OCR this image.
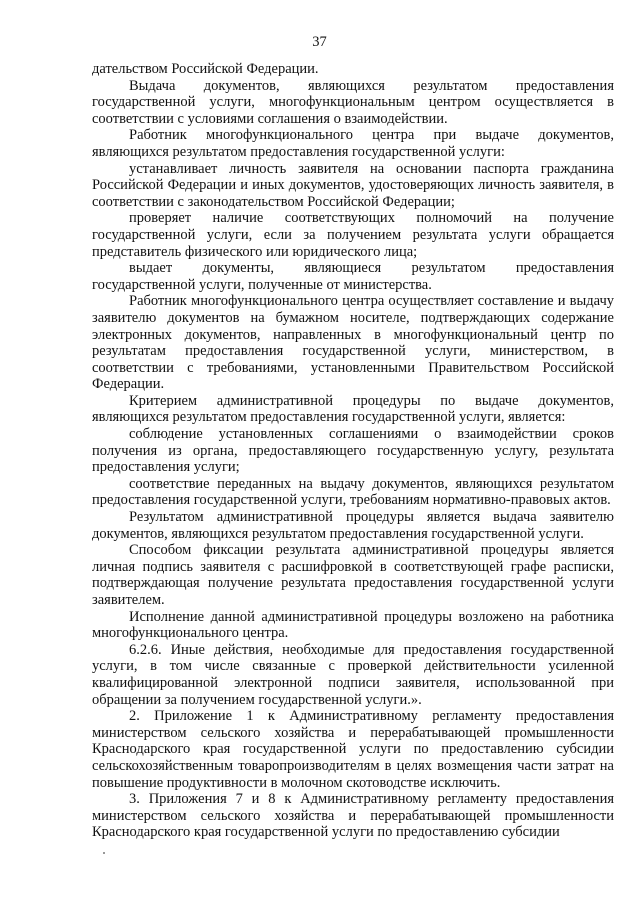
37

дательством Российской Федерации.

Выдача документов, являющихся результатом предоставления государственной услуги, многофункциональным центром осуществляется в соответствии с условиями соглашения о взаимодействии.

Работник многофункционального центра при выдаче документов, являющихся результатом предоставления государственной услуги:

устанавливает личность заявителя на основании паспорта гражданина Российской Федерации и иных документов, удостоверяющих личность заявителя, в соответствии с законодательством Российской Федерации;

проверяет наличие соответствующих полномочий на получение государственной услуги, если за получением результата услуги обращается представитель физического или юридического лица;

выдает документы, являющиеся результатом предоставления государственной услуги, полученные от министерства.

Работник многофункционального центра осуществляет составление и выдачу заявителю документов на бумажном носителе, подтверждающих содержание электронных документов, направленных в многофункциональный центр по результатам предоставления государственной услуги, министерством, в соответствии с требованиями, установленными Правительством Российской Федерации.

Критерием административной процедуры по выдаче документов, являющихся результатом предоставления государственной услуги, является:

соблюдение установленных соглашениями о взаимодействии сроков получения из органа, предоставляющего государственную услугу, результата предоставления услуги;

соответствие переданных на выдачу документов, являющихся результатом предоставления государственной услуги, требованиям нормативно-правовых актов.

Результатом административной процедуры является выдача заявителю документов, являющихся результатом предоставления государственной услуги.

Способом фиксации результата административной процедуры является личная подпись заявителя с расшифровкой в соответствующей графе расписки, подтверждающая получение результата предоставления государственной услуги заявителем.

Исполнение данной административной процедуры возложено на работника многофункционального центра.

6.2.6. Иные действия, необходимые для предоставления государственной услуги, в том числе связанные с проверкой действительности усиленной квалифицированной электронной подписи заявителя, использованной при обращении за получением государственной услуги.».

2. Приложение 1 к Административному регламенту предоставления министерством сельского хозяйства и перерабатывающей промышленности Краснодарского края государственной услуги по предоставлению субсидии сельскохозяйственным товаропроизводителям в целях возмещения части затрат на повышение продуктивности в молочном скотоводстве исключить.

3. Приложения 7 и 8 к Административному регламенту предоставления министерством сельского хозяйства и перерабатывающей промышленности Краснодарского края государственной услуги по предоставлению субсидии
